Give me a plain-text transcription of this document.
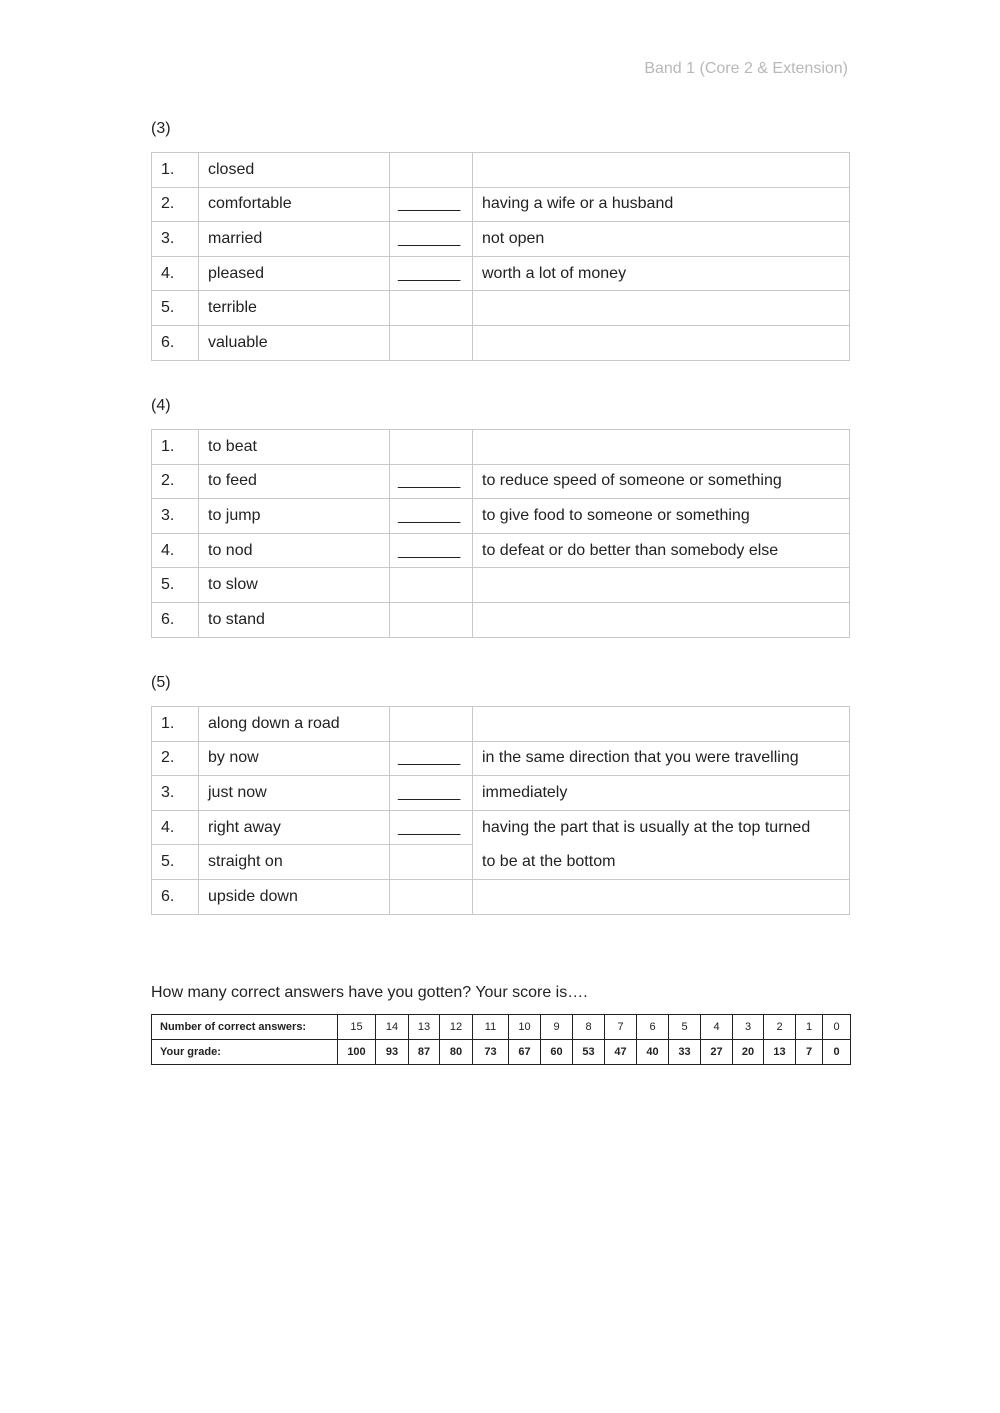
Band 1 (Core 2 & Extension)
(3)
1.	closed		
2.	comfortable	_______	having a wife or a husband
3.	married	_______	not open
4.	pleased	_______	worth a lot of money
5.	terrible		
6.	valuable		
(4)
1.	to beat		
2.	to feed	_______	to reduce speed of someone or something
3.	to jump	_______	to give food to someone or something
4.	to nod	_______	to defeat or do better than somebody else
5.	to slow		
6.	to stand		
(5)
1.	along down a road		
2.	by now	_______	in the same direction that you were travelling
3.	just now	_______	immediately
4.	right away	_______	having the part that is usually at the top turned
to be at the bottom

5.	straight on		
6.	upside down		
How many correct answers have you gotten? Your score is….
Number of correct answers:	15	14	13	12	11	10	9	8	7	6	5	4	3	2	1	0
Your grade:	100	93	87	80	73	67	60	53	47	40	33	27	20	13	7	0
